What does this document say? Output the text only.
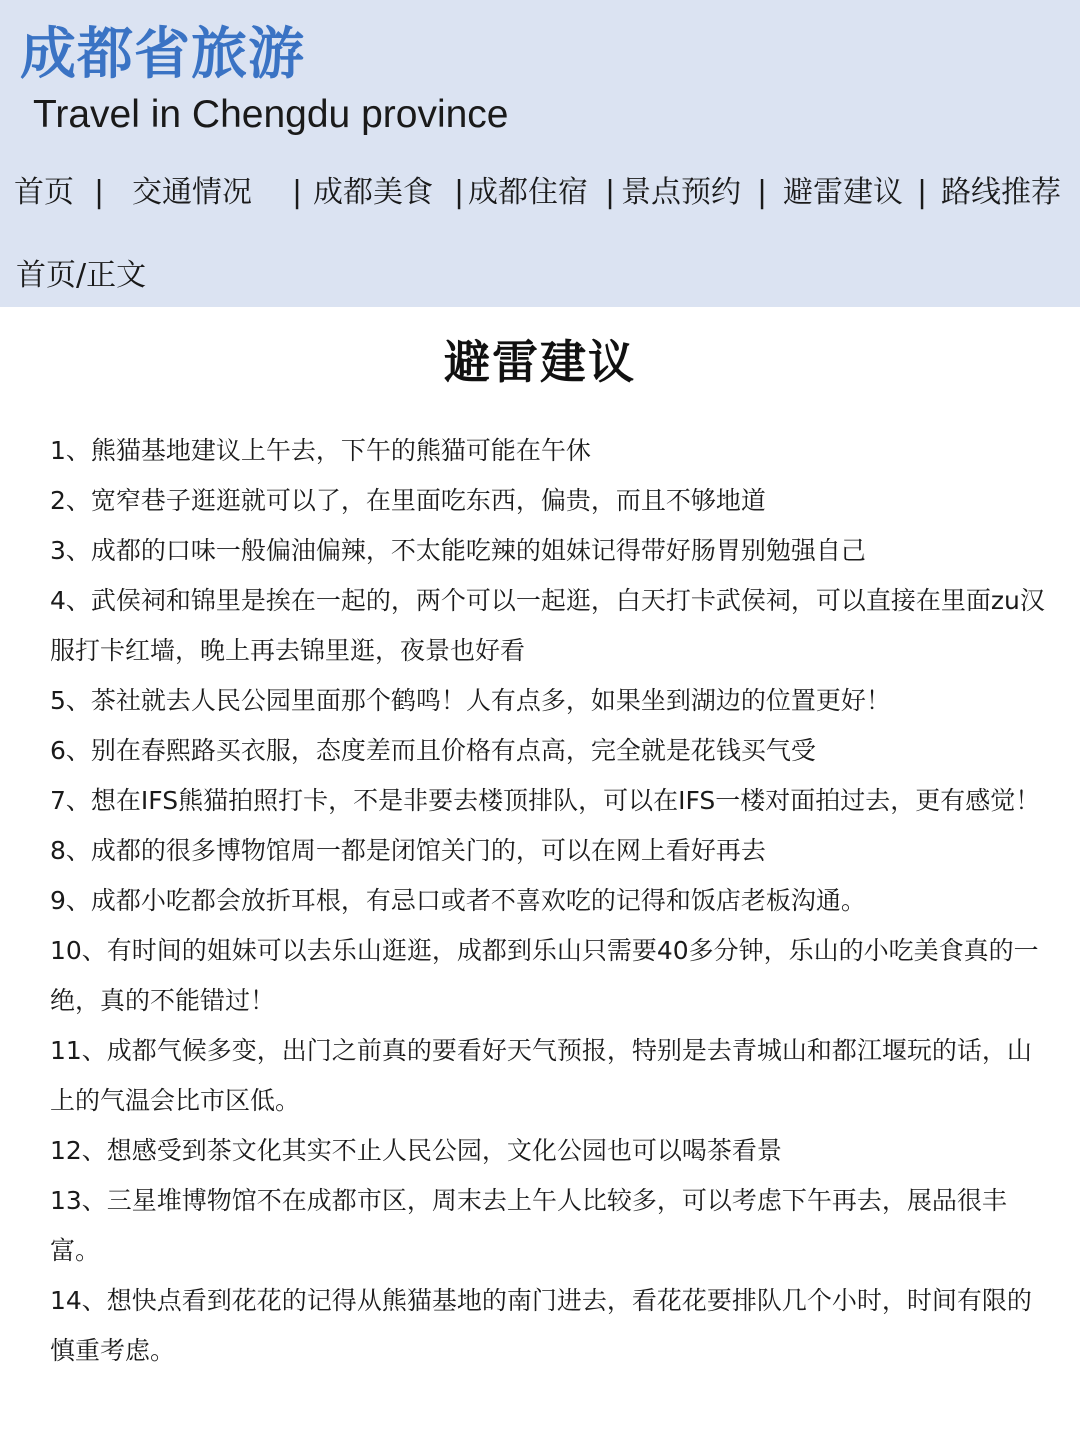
成都省旅游
Travel in Chengdu province
首页 | 交通情况 | 成都美食 | 成都住宿 | 景点预约 | 避雷建议 | 路线推荐
首页/正文
避雷建议
1、熊猫基地建议上午去，下午的熊猫可能在午休
2、宽窄巷子逛逛就可以了，在里面吃东西，偏贵，而且不够地道
3、成都的口味一般偏油偏辣，不太能吃辣的姐妹记得带好肠胃别勉强自己
4、武侯祠和锦里是挨在一起的，两个可以一起逛，白天打卡武侯祠，可以直接在里面zu汉服打卡红墙，晚上再去锦里逛，夜景也好看
5、茶社就去人民公园里面那个鹤鸣！人有点多，如果坐到湖边的位置更好！
6、别在春熙路买衣服，态度差而且价格有点高，完全就是花钱买气受
7、想在IFS熊猫拍照打卡，不是非要去楼顶排队，可以在IFS一楼对面拍过去，更有感觉！
8、成都的很多博物馆周一都是闭馆关门的，可以在网上看好再去
9、成都小吃都会放折耳根，有忌口或者不喜欢吃的记得和饭店老板沟通。
10、有时间的姐妹可以去乐山逛逛，成都到乐山只需要40多分钟，乐山的小吃美食真的一绝，真的不能错过！
11、成都气候多变，出门之前真的要看好天气预报，特别是去青城山和都江堰玩的话，山上的气温会比市区低。
12、想感受到茶文化其实不止人民公园，文化公园也可以喝茶看景
13、三星堆博物馆不在成都市区，周末去上午人比较多，可以考虑下午再去，展品很丰富。
14、想快点看到花花的记得从熊猫基地的南门进去，看花花要排队几个小时，时间有限的慎重考虑。
